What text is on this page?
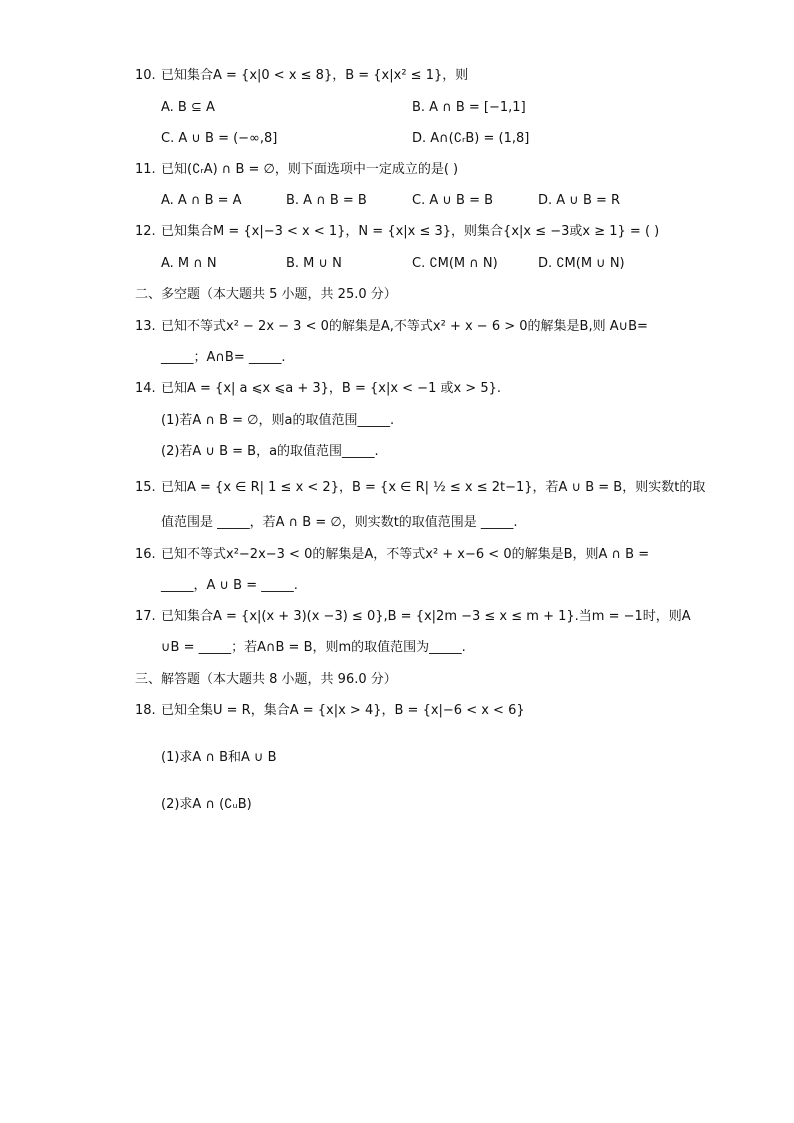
10. 已知集合A = {x|0 < x ≤ 8}，B = {x|x² ≤ 1}，则
A. B ⊆ A	B. A ∩ B = [−1,1]
C. A ∪ B = (−∞,8]	D. A∩(∁ᵣB) = (1,8]
11. 已知(∁ᵣA) ∩ B = ∅，则下面选项中一定成立的是( )
A. A ∩ B = A	B. A ∩ B = B	C. A ∪ B = B	D. A ∪ B = R
12. 已知集合M = {x|−3 < x < 1}，N = {x|x ≤ 3}，则集合{x|x ≤ −3或x ≥ 1} = ( )
A. M ∩ N	B. M ∪ N	C. ∁M(M ∩ N)	D. ∁M(M ∪ N)
二、多空题（本大题共 5 小题，共 25.0 分）
13. 已知不等式x² − 2x − 3 < 0的解集是A,不等式x² + x − 6 > 0的解集是B,则 A∪B=
_____；A∩B= _____.
14. 已知A = {x| a ⩽x ⩽a + 3}，B = {x|x < −1 或x > 5}.
(1)若A ∩ B = ∅，则a的取值范围_____.
(2)若A ∪ B = B，a的取值范围_____.
15. 已知A = {x ∈ R| 1 ≤ x < 2}，B = {x ∈ R| ½ ≤ x ≤ 2t−1}，若A ∪ B = B，则实数t的取
值范围是 _____，若A ∩ B = ∅，则实数t的取值范围是 _____.
16. 已知不等式x²−2x−3 < 0的解集是A，不等式x² + x−6 < 0的解集是B，则A ∩ B =
_____，A ∪ B = _____.
17. 已知集合A = {x|(x + 3)(x −3) ≤ 0},B = {x|2m −3 ≤ x ≤ m + 1}.当m = −1时，则A
∪B = _____；若A∩B = B，则m的取值范围为_____.
三、解答题（本大题共 8 小题，共 96.0 分）
18. 已知全集U = R，集合A = {x|x > 4}，B = {x|−6 < x < 6}
(1)求A ∩ B和A ∪ B
(2)求A ∩ (∁ᵤB)
